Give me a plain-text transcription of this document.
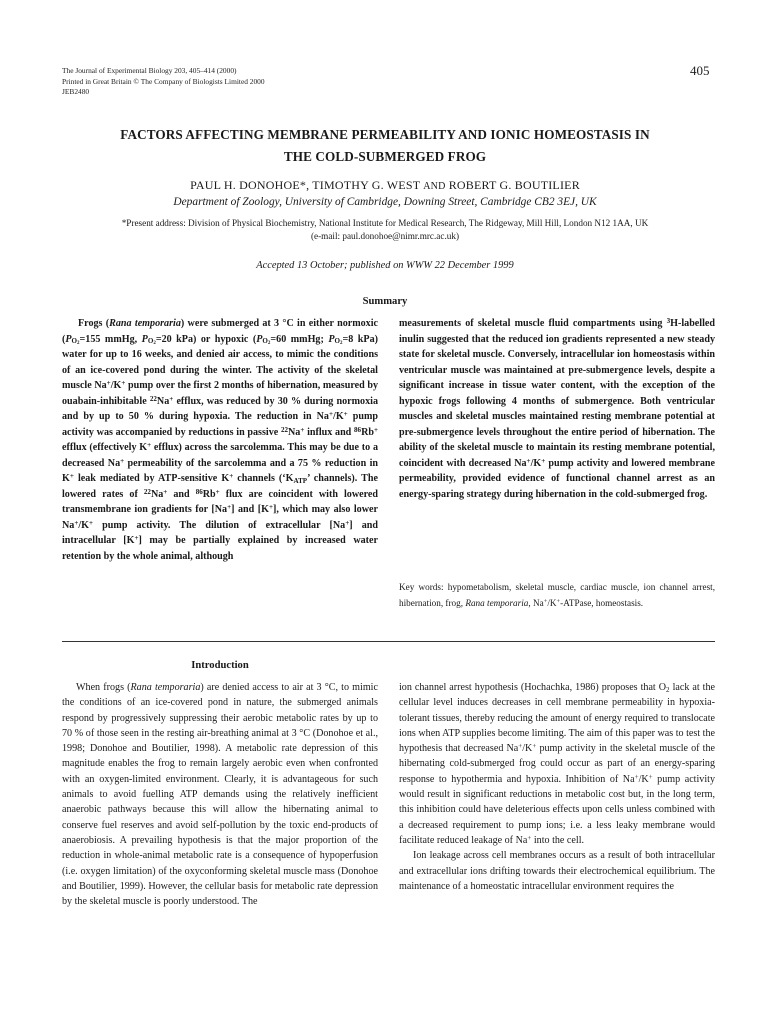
The Journal of Experimental Biology 203, 405–414 (2000)
Printed in Great Britain © The Company of Biologists Limited 2000
JEB2480
405
FACTORS AFFECTING MEMBRANE PERMEABILITY AND IONIC HOMEOSTASIS IN
THE COLD-SUBMERGED FROG
PAUL H. DONOHOE*, TIMOTHY G. WEST AND ROBERT G. BOUTILIER
Department of Zoology, University of Cambridge, Downing Street, Cambridge CB2 3EJ, UK
*Present address: Division of Physical Biochemistry, National Institute for Medical Research, The Ridgeway, Mill Hill, London N12 1AA, UK
(e-mail: paul.donohoe@nimr.mrc.ac.uk)
Accepted 13 October; published on WWW 22 December 1999
Summary
Frogs (Rana temporaria) were submerged at 3 °C in either normoxic ($P_{O_2}=155$ mmHg, $P_{O_2}=20$ kPa) or hypoxic ($P_{O_2}=60$ mmHg; $P_{O_2}=8$ kPa) water for up to 16 weeks, and denied air access, to mimic the conditions of an ice-covered pond during the winter. The activity of the skeletal muscle Na+/K+ pump over the first 2 months of hibernation, measured by ouabain-inhibitable $^{22}$Na+ efflux, was reduced by 30 % during normoxia and by up to 50 % during hypoxia. The reduction in Na+/K+ pump activity was accompanied by reductions in passive $^{22}$Na+ influx and $^{86}$Rb+ efflux (effectively K+ efflux) across the sarcolemma. This may be due to a decreased Na+ permeability of the sarcolemma and a 75 % reduction in K+ leak mediated by ATP-sensitive K+ channels (‘$K_{ATP}$’ channels). The lowered rates of $^{22}$Na+ and $^{86}$Rb+ flux are coincident with lowered transmembrane ion gradients for [Na+] and [K+], which may also lower Na+/K+ pump activity. The dilution of extracellular [Na+] and intracellular [K+] may be partially explained by increased water retention by the whole animal, although
measurements of skeletal muscle fluid compartments using $^3$H-labelled inulin suggested that the reduced ion gradients represented a new steady state for skeletal muscle. Conversely, intracellular ion homeostasis within ventricular muscle was maintained at pre-submergence levels, despite a significant increase in tissue water content, with the exception of the hypoxic frogs following 4 months of submergence. Both ventricular muscles and skeletal muscles maintained resting membrane potential at pre-submergence levels throughout the entire period of hibernation. The ability of the skeletal muscle to maintain its resting membrane potential, coincident with decreased Na+/K+ pump activity and lowered membrane permeability, provided evidence of functional channel arrest as an energy-sparing strategy during hibernation in the cold-submerged frog.
Key words: hypometabolism, skeletal muscle, cardiac muscle, ion channel arrest, hibernation, frog, Rana temporaria, Na+/K+-ATPase, homeostasis.
Introduction

When frogs (Rana temporaria) are denied access to air at 3 °C, to mimic the conditions of an ice-covered pond in nature, the submerged animals respond by progressively suppressing their aerobic metabolic rates by up to 70 % of those seen in the resting air-breathing animal at 3 °C (Donohoe et al., 1998; Donohoe and Boutilier, 1998). A metabolic rate depression of this magnitude enables the frog to remain largely aerobic even when confronted with an oxygen-limited environment. Clearly, it is advantageous for such animals to avoid fuelling ATP demands using the relatively inefficient anaerobic pathways because this will allow the hibernating animal to conserve fuel reserves and avoid self-pollution by the toxic end-products of anaerobiosis. A prevailing hypothesis is that the major proportion of the reduction in whole-animal metabolic rate is a consequence of hypoperfusion (i.e. oxygen limitation) of the oxyconforming skeletal muscle mass (Donohoe and Boutilier, 1999). However, the cellular basis for metabolic rate depression by the skeletal muscle is poorly understood. The

ion channel arrest hypothesis (Hochachka, 1986) proposes that $O_2$ lack at the cellular level induces decreases in cell membrane permeability in hypoxia-tolerant tissues, thereby reducing the amount of energy required to translocate ions when ATP supplies become limiting. The aim of this paper was to test the hypothesis that decreased Na+/K+ pump activity in the skeletal muscle of the hibernating cold-submerged frog could occur as part of an energy-sparing response to hypothermia and hypoxia. Inhibition of Na+/K+ pump activity would result in significant reductions in metabolic cost but, in the long term, this inhibition could have deleterious effects upon cells unless combined with a decreased requirement to pump ions; i.e. a less leaky membrane would facilitate reduced leakage of Na+ into the cell.

Ion leakage across cell membranes occurs as a result of both intracellular and extracellular ions drifting towards their electrochemical equilibrium. The maintenance of a homeostatic intracellular environment requires the
